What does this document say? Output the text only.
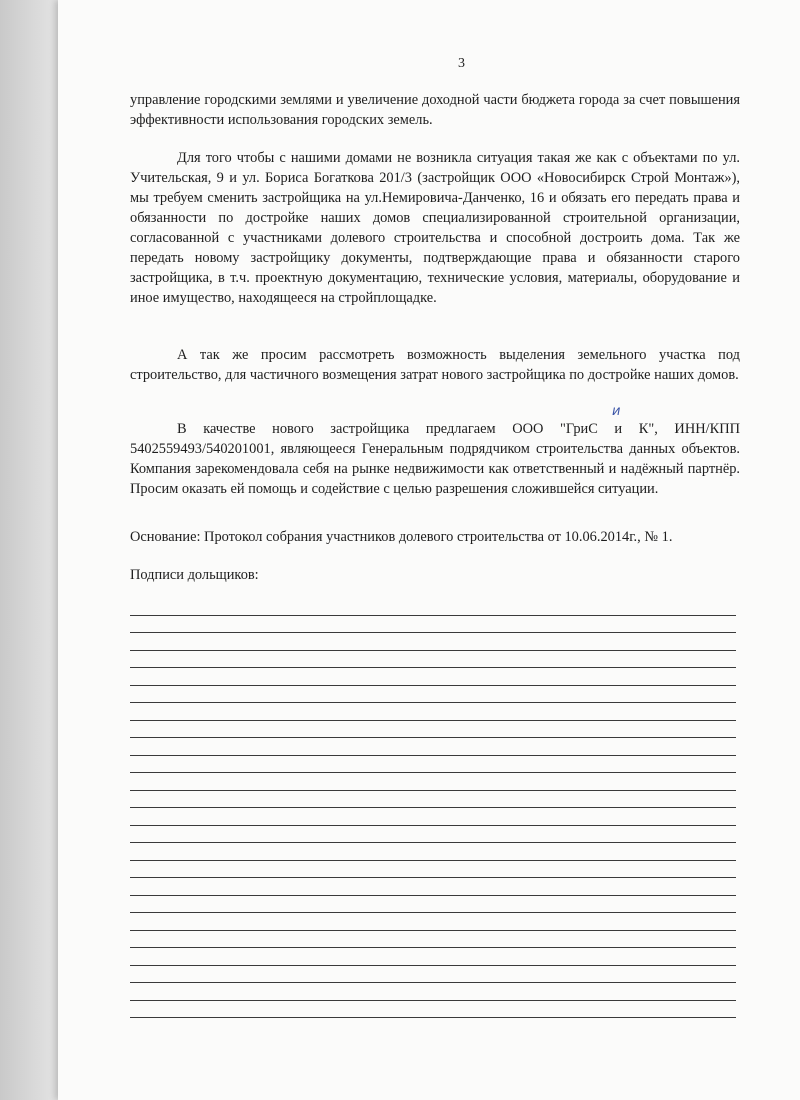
3

управление городскими землями и увеличение доходной части бюджета города за счет повышения эффективности использования городских земель.

Для того чтобы с нашими домами не возникла ситуация такая же как с объектами по ул. Учительская, 9 и ул. Бориса Богаткова 201/3 (застройщик ООО «Новосибирск Строй Монтаж»), мы требуем сменить застройщика на ул.Немировича-Данченко, 16 и обязать его передать права и обязанности по достройке наших домов специализированной строительной организации, согласованной с участниками долевого строительства и способной достроить дома. Так же передать новому застройщику документы, подтверждающие права и обязанности старого застройщика, в т.ч. проектную документацию, технические условия, материалы, оборудование и иное имущество, находящееся на стройплощадке.

А так же просим рассмотреть возможность выделения земельного участка под строительство, для частичного возмещения затрат нового застройщика по достройке наших домов.

В качестве нового застройщика предлагаем ООО "ГриС и К", ИНН/КПП 5402559493/540201001, являющееся Генеральным подрядчиком строительства данных объектов. Компания зарекомендовала себя на рынке недвижимости как ответственный и надёжный партнёр. Просим оказать ей помощь и содействие с целью разрешения сложившейся ситуации.

Основание: Протокол собрания участников долевого строительства от 10.06.2014г., № 1.

Подписи дольщиков:

и
